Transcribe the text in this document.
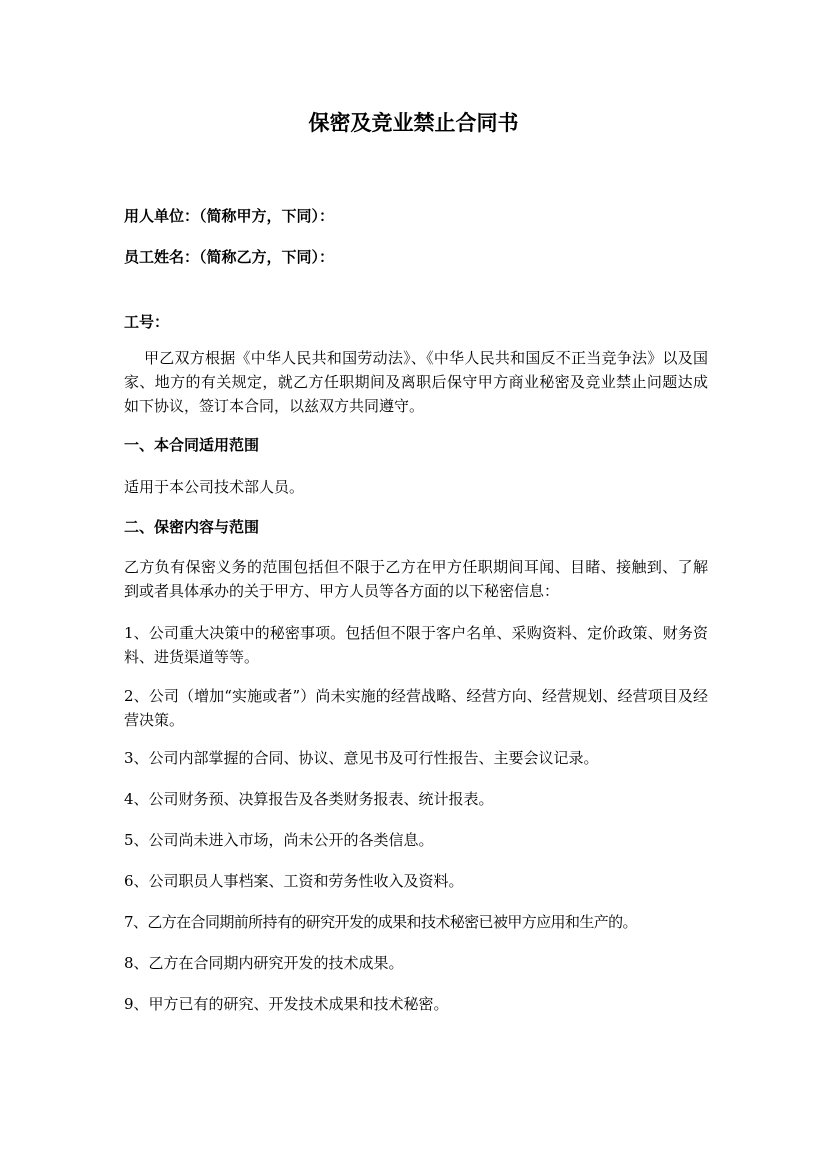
保密及竞业禁止合同书
用人单位：（简称甲方，下同）：
员工姓名：（简称乙方，下同）：
工号：
甲乙双方根据《中华人民共和国劳动法》、《中华人民共和国反不正当竞争法》以及国家、地方的有关规定，就乙方任职期间及离职后保守甲方商业秘密及竞业禁止问题达成如下协议，签订本合同，以兹双方共同遵守。
一、本合同适用范围
适用于本公司技术部人员。
二、保密内容与范围
乙方负有保密义务的范围包括但不限于乙方在甲方任职期间耳闻、目睹、接触到、了解到或者具体承办的关于甲方、甲方人员等各方面的以下秘密信息：
1、公司重大决策中的秘密事项。包括但不限于客户名单、采购资料、定价政策、财务资料、进货渠道等等。
2、公司（增加“实施或者”）尚未实施的经营战略、经营方向、经营规划、经营项目及经营决策。
3、公司内部掌握的合同、协议、意见书及可行性报告、主要会议记录。
4、公司财务预、决算报告及各类财务报表、统计报表。
5、公司尚未进入市场，尚未公开的各类信息。
6、公司职员人事档案、工资和劳务性收入及资料。
7、乙方在合同期前所持有的研究开发的成果和技术秘密已被甲方应用和生产的。
8、乙方在合同期内研究开发的技术成果。
9、甲方已有的研究、开发技术成果和技术秘密。
